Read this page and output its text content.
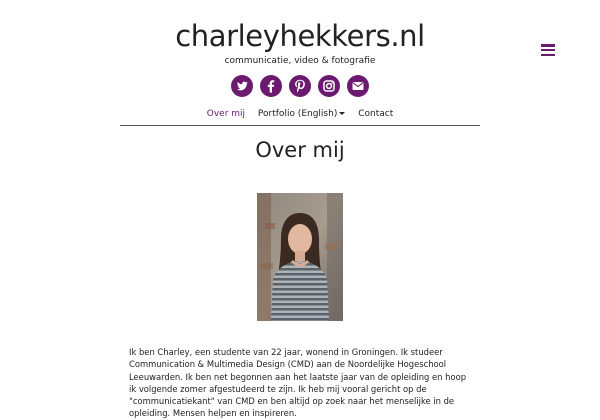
charleyhekkers.nl
communicatie, video & fotografie

Over mij Portfolio (English) Contact
Over mij

Ik ben Charley, een studente van 22 jaar, wonend in Groningen. Ik studeer Communication & Multimedia Design (CMD) aan de Noordelijke Hogeschool Leeuwarden. Ik ben net begonnen aan het laatste jaar van de opleiding en hoop ik volgende zomer afgestudeerd te zijn. Ik heb mij vooral gericht op de "communicatiekant" van CMD en ben altijd op zoek naar het menselijke in de opleiding. Mensen helpen en inspireren.
